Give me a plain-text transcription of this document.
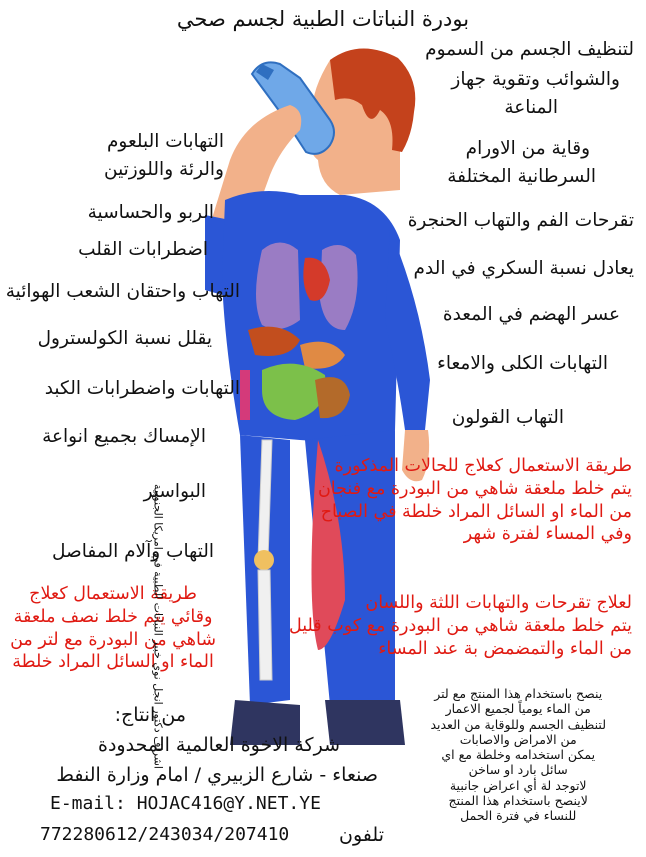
بودرة النباتات الطبية لجسم صحي
لتنظيف الجسم من السموم
والشوائب وتقوية جهاز
المناعة
وقاية من الاورام
السرطانية المختلفة
تقرحات الفم والتهاب الحنجرة
يعادل نسبة السكري في الدم
عسر الهضم في المعدة
التهابات الكلى والامعاء
التهاب القولون
التهابات البلعوم
والرئة واللوزتين
الربو والحساسية
اضطرابات القلب
التهاب واحتقان الشعب الهوائية
يقلل نسبة الكولسترول
التهابات واضطرابات الكبد
الإمساك بجميع انواعة
البواسير
التهاب وآلام المفاصل
طريقة الاستعمال كعلاج للحالات المذكورة
يتم خلط ملعقة شاهي من البودرة مع فنجان
من الماء او السائل المراد خلطة في الصباح
وفي المساء لفترة شهر
لعلاج تقرحات والتهابات اللثة واللسان
يتم خلط ملعقة شاهي من البودرة مع كوب قليل
من الماء والتمضمض بة عند المساء
طريقة الاستعمال كعلاج
وقائي يتم خلط نصف ملعقة
شاهي من البودرة مع لتر من
الماء او السائل المراد خلطة
ينصح باستخدام هذا المنتج مع لتر
من الماء يومياً لجميع الاعمار
لتنظيف الجسم وللوقاية من العديد
من الامراض والاصابات
يمكن استخدامه وخلطة مع اي
سائل بارد او ساخن
لاتوجد لة أي اعراض جانبية
لاينصح باستخدام هذا المنتج
للنساء في فترة الحمل
اشراف دكتور انجل نوي خبير النباتات الطبية في امريكا الجنوبية
من انتاج:
شركة الاخوة العالمية المحدودة
صنعاء - شارع الزبيري / امام وزارة النفط
E-mail: HOJAC416@Y.NET.YE
تلفون
772280612/243034/207410
